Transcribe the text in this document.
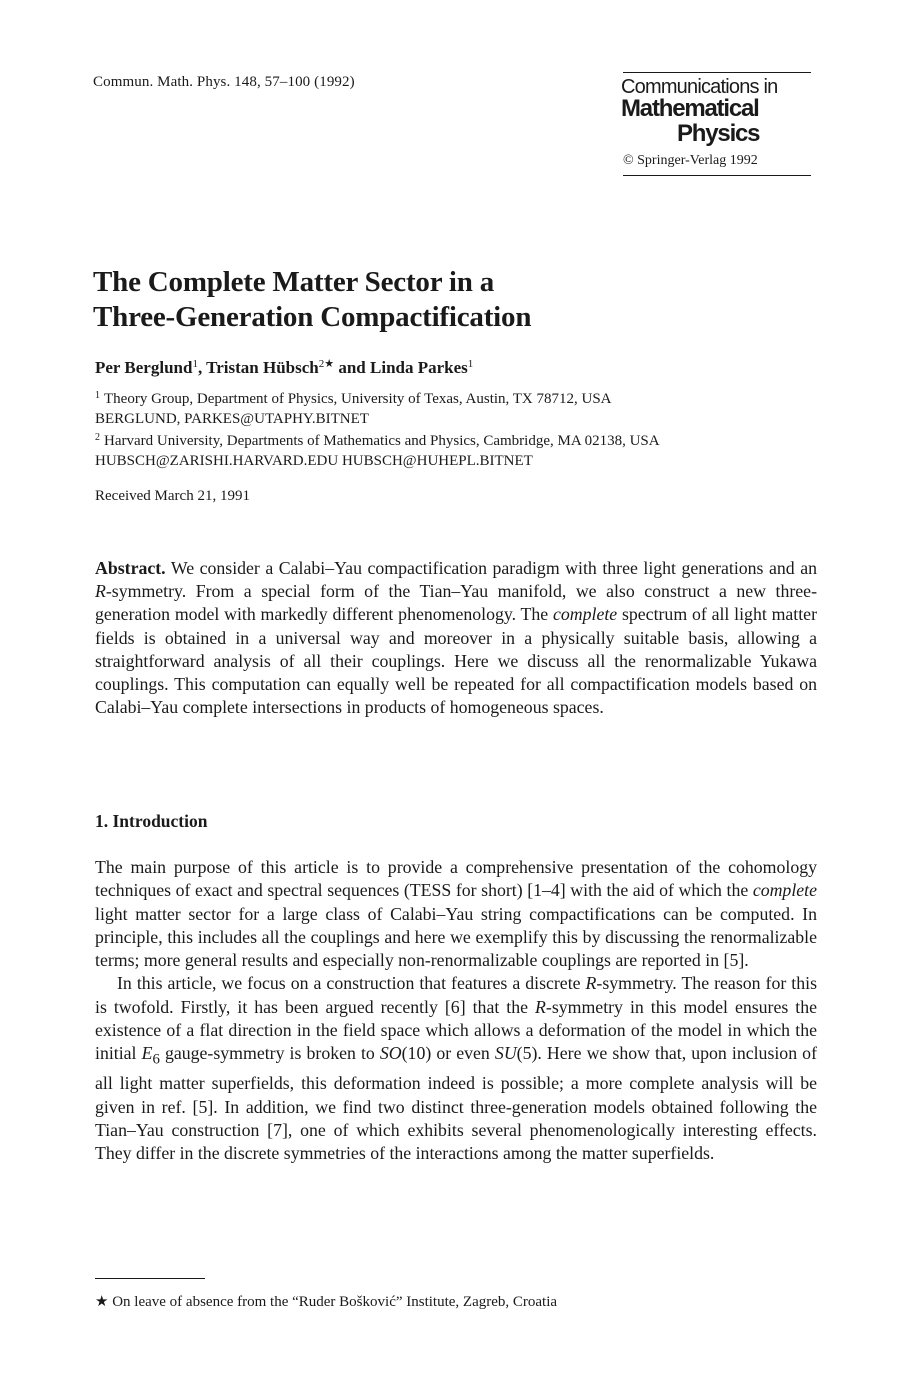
Commun. Math. Phys. 148, 57–100 (1992)	Communications in
Mathematical
Physics
© Springer-Verlag 1992
The Complete Matter Sector in a
Three-Generation Compactification
Per Berglund$^1$, Tristan Hübsch$^{2★}$ and Linda Parkes$^1$
$^1$ Theory Group, Department of Physics, University of Texas, Austin, TX 78712, USA
BERGLUND, PARKES@UTAPHY.BITNET
$^2$ Harvard University, Departments of Mathematics and Physics, Cambridge, MA 02138, USA
HUBSCH@ZARISHI.HARVARD.EDU HUBSCH@HUHEPL.BITNET
Received March 21, 1991
Abstract. We consider a Calabi–Yau compactification paradigm with three light generations and an R-symmetry. From a special form of the Tian–Yau manifold, we also construct a new three-generation model with markedly different phenomenology. The complete spectrum of all light matter fields is obtained in a universal way and moreover in a physically suitable basis, allowing a straightforward analysis of all their couplings. Here we discuss all the renormalizable Yukawa couplings. This computation can equally well be repeated for all compactification models based on Calabi–Yau complete intersections in products of homogeneous spaces.
1. Introduction

The main purpose of this article is to provide a comprehensive presentation of the cohomology techniques of exact and spectral sequences (TESS for short) [1–4] with the aid of which the complete light matter sector for a large class of Calabi–Yau string compactifications can be computed. In principle, this includes all the couplings and here we exemplify this by discussing the renormalizable terms; more general results and especially non-renormalizable couplings are reported in [5].

In this article, we focus on a construction that features a discrete R-symmetry. The reason for this is twofold. Firstly, it has been argued recently [6] that the R-symmetry in this model ensures the existence of a flat direction in the field space which allows a deformation of the model in which the initial $E_6$ gauge-symmetry is broken to SO(10) or even SU(5). Here we show that, upon inclusion of all light matter superfields, this deformation indeed is possible; a more complete analysis will be given in ref. [5]. In addition, we find two distinct three-generation models obtained following the Tian–Yau construction [7], one of which exhibits several phenomenologically interesting effects. They differ in the discrete symmetries of the interactions among the matter superfields.

★ On leave of absence from the “Ruder Bošković” Institute, Zagreb, Croatia
